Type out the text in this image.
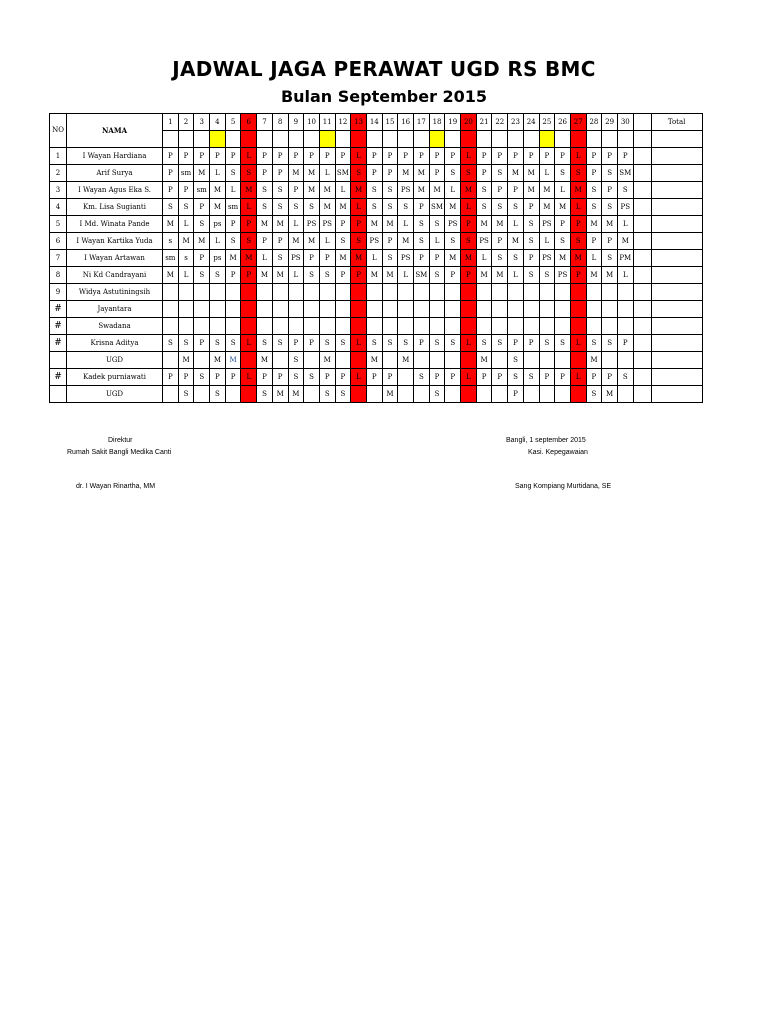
JADWAL JAGA PERAWAT UGD RS BMC
Bulan September 2015
NO	NAMA	1	2	3	4	5	6	7	8	9	10	11	12	13	14	15	16	17	18	19	20	21	22	23	24	25	26	27	28	29	30		Total

1	I Wayan Hardiana	P	P	P	P	P	L	P	P	P	P	P	P	L	P	P	P	P	P	P	L	P	P	P	P	P	P	L	P	P	P		
2	Arif Surya	P	sm	M	L	S	S	P	P	M	M	L	SM	S	P	P	M	M	P	S	S	P	S	M	M	L	S	S	P	S	SM		
3	I Wayan Agus Eka S.	P	P	sm	M	L	M	S	S	P	M	M	L	M	S	S	PS	M	M	L	M	S	P	P	M	M	L	M	S	P	S		
4	Km. Lisa Sugianti	S	S	P	M	sm	L	S	S	S	S	M	M	L	S	S	S	P	SM	M	L	S	S	S	P	M	M	L	S	S	PS		
5	I Md. Winata Pande	M	L	S	ps	P	P	M	M	L	PS	PS	P	P	M	M	L	S	S	PS	P	M	M	L	S	PS	P	P	M	M	L		
6	I Wayan Kartika Yuda	s	M	M	L	S	S	P	P	M	M	L	S	S	PS	P	M	S	L	S	S	PS	P	M	S	L	S	S	P	P	M		
7	I Wayan Artawan	sm	s	P	ps	M	M	L	S	PS	P	P	M	M	L	S	PS	P	P	M	M	L	S	S	P	PS	M	M	L	S	PM		
8	Ni Kd Candrayani	M	L	S	S	P	P	M	M	L	S	S	P	P	M	M	L	SM	S	P	P	M	M	L	S	S	PS	P	M	M	L		
9	Widya Astutiningsih																																
#	Jayantara																																
#	Swadana																																
#	Krisna Aditya	S	S	P	S	S	L	S	S	P	P	S	S	L	S	S	S	P	S	S	L	S	S	P	P	S	S	L	S	S	P		
	UGD		M		M	M		M		S		M			M		M					M		S					M				
#	Kadek purniawati	P	P	S	P	P	L	P	P	S	S	P	P	L	P	P		S	P	P	L	P	P	S	S	P	P	L	P	P	S		
	UGD		S		S			S	M	M		S	S			M			S					P					S	M			
Direktur
Rumah Sakit Bangli Medika Canti
dr. I Wayan Rinartha, MM
Bangli, 1 september 2015
Kasi. Kepegawaian
Sang Kompiang Murtidana, SE
